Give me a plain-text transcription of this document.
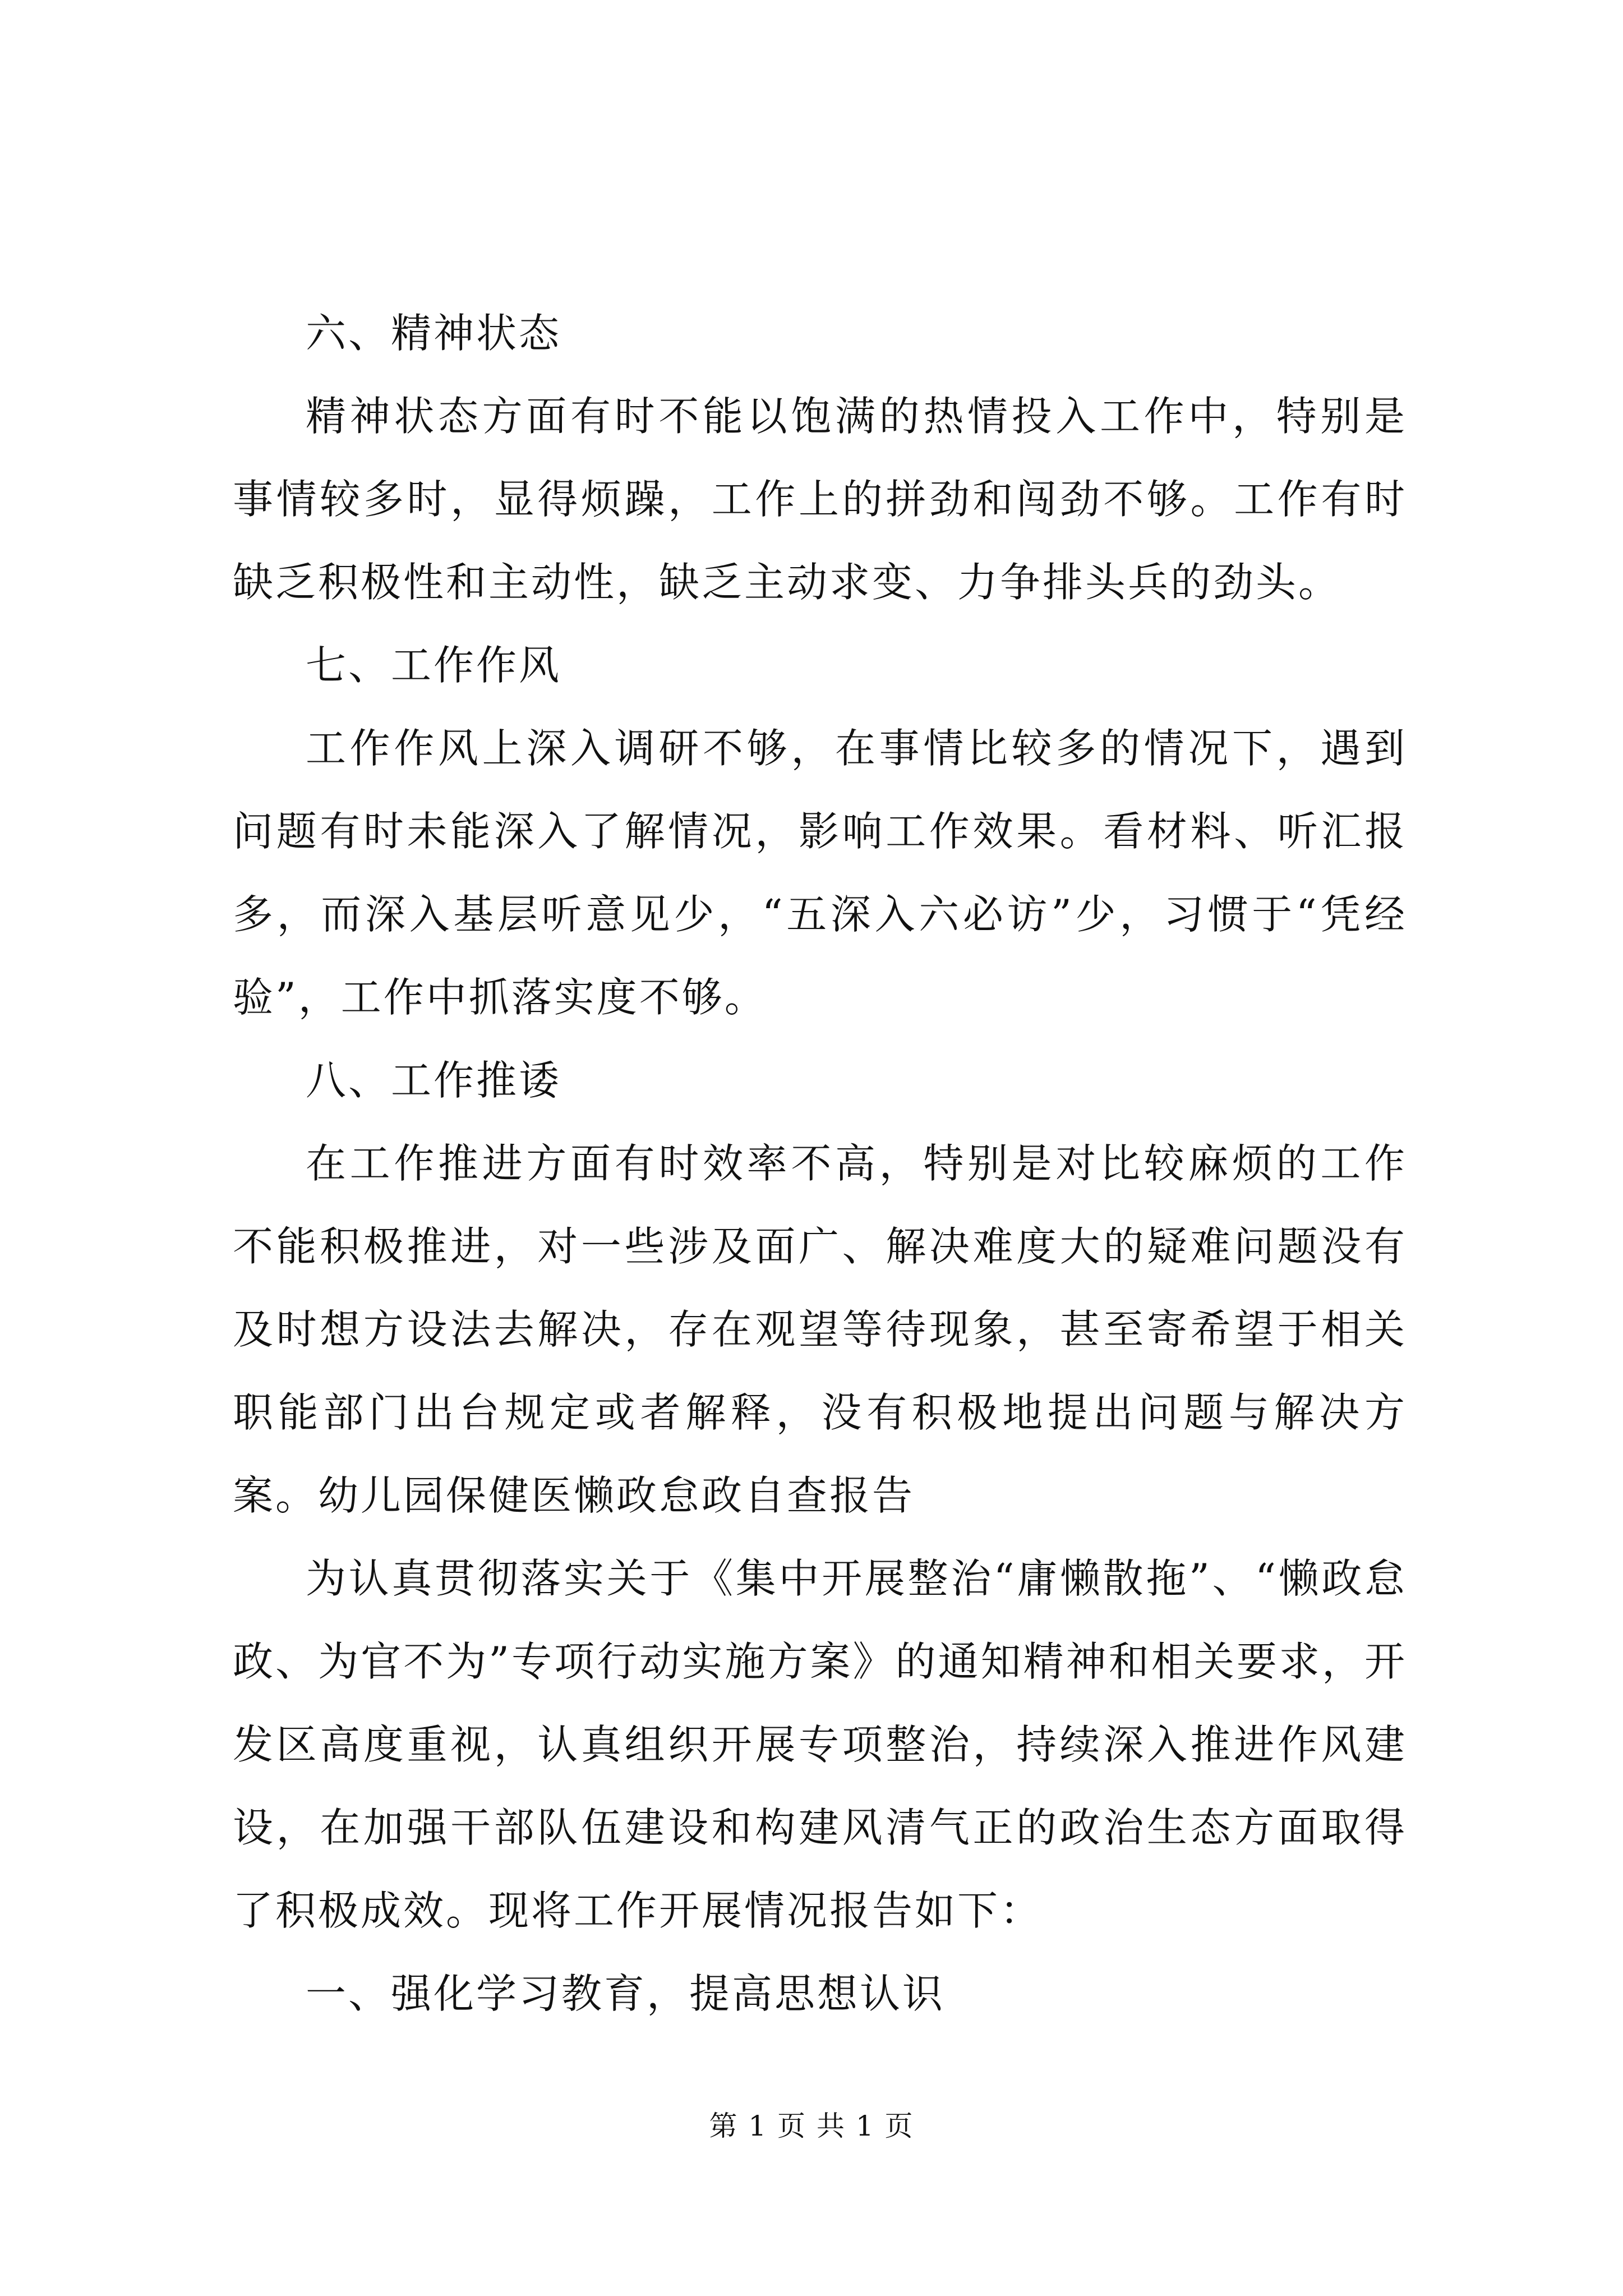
六、精神状态

精神状态方面有时不能以饱满的热情投入工作中，特别是事情较多时，显得烦躁，工作上的拼劲和闯劲不够。工作有时缺乏积极性和主动性，缺乏主动求变、力争排头兵的劲头。

七、工作作风

工作作风上深入调研不够，在事情比较多的情况下，遇到问题有时未能深入了解情况，影响工作效果。看材料、听汇报多，而深入基层听意见少，“五深入六必访”少，习惯于“凭经验”，工作中抓落实度不够。

八、工作推诿

在工作推进方面有时效率不高，特别是对比较麻烦的工作不能积极推进，对一些涉及面广、解决难度大的疑难问题没有及时想方设法去解决，存在观望等待现象，甚至寄希望于相关职能部门出台规定或者解释，没有积极地提出问题与解决方案。幼儿园保健医懒政怠政自查报告

为认真贯彻落实关于《集中开展整治“庸懒散拖”、“懒政怠政、为官不为”专项行动实施方案》的通知精神和相关要求，开发区高度重视，认真组织开展专项整治，持续深入推进作风建设，在加强干部队伍建设和构建风清气正的政治生态方面取得了积极成效。现将工作开展情况报告如下：

一、强化学习教育，提高思想认识
第 1 页 共 1 页
